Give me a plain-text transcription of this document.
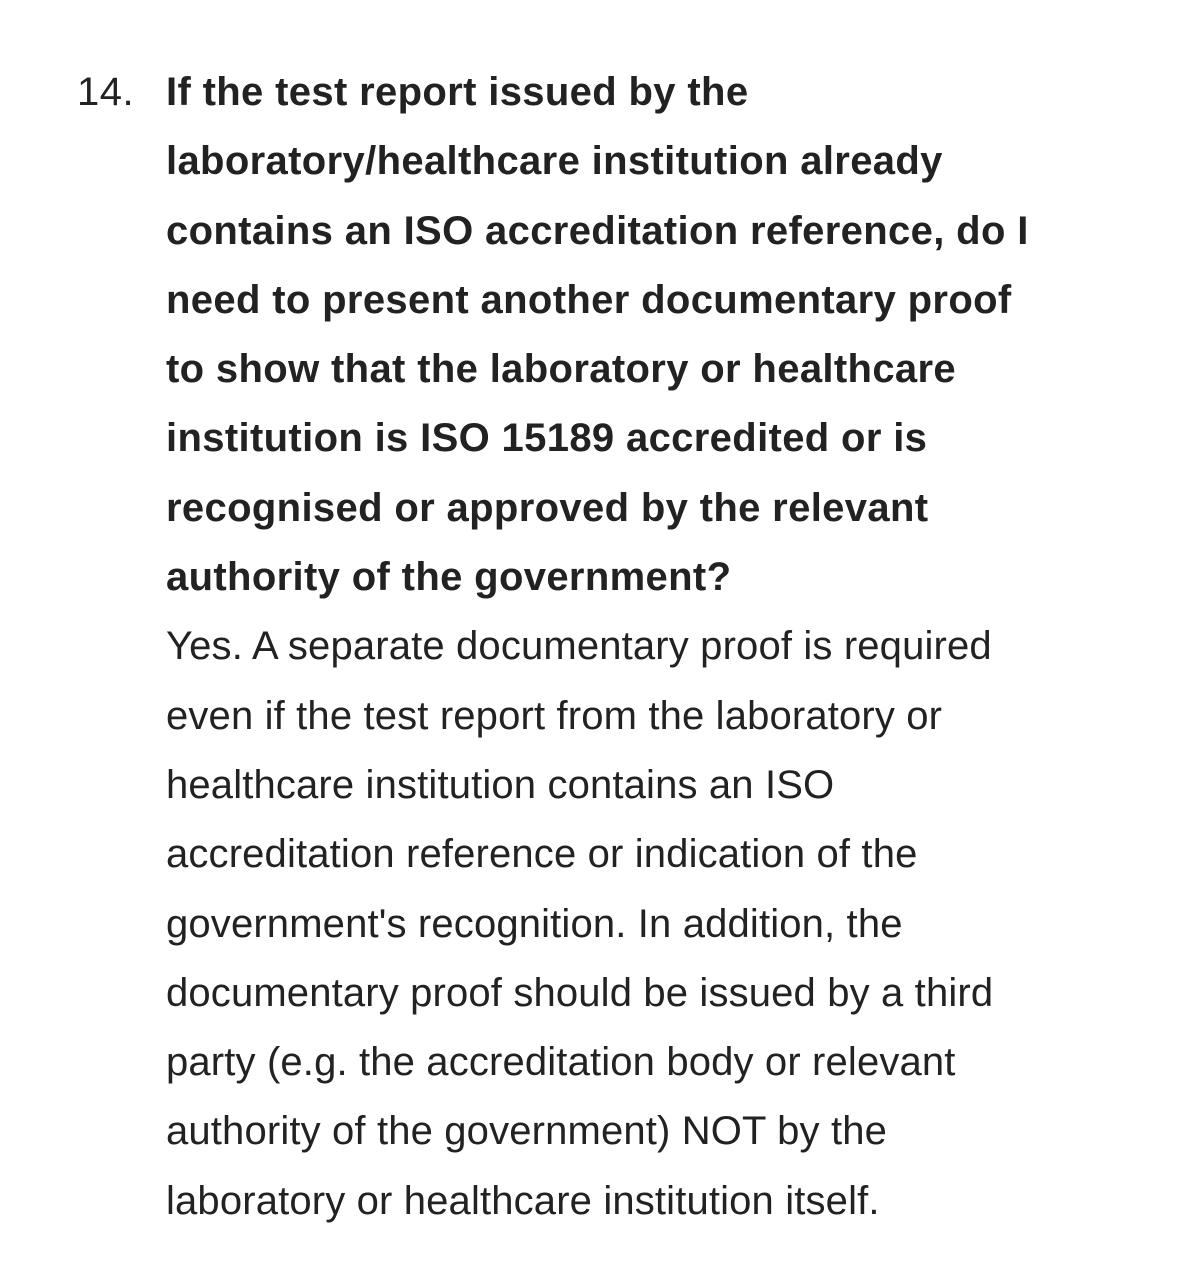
14. If the test report issued by the
laboratory/healthcare institution already
contains an ISO accreditation reference, do I
need to present another documentary proof
to show that the laboratory or healthcare
institution is ISO 15189 accredited or is
recognised or approved by the relevant
authority of the government?
Yes. A separate documentary proof is required
even if the test report from the laboratory or
healthcare institution contains an ISO
accreditation reference or indication of the
government's recognition. In addition, the
documentary proof should be issued by a third
party (e.g. the accreditation body or relevant
authority of the government) NOT by the
laboratory or healthcare institution itself.
